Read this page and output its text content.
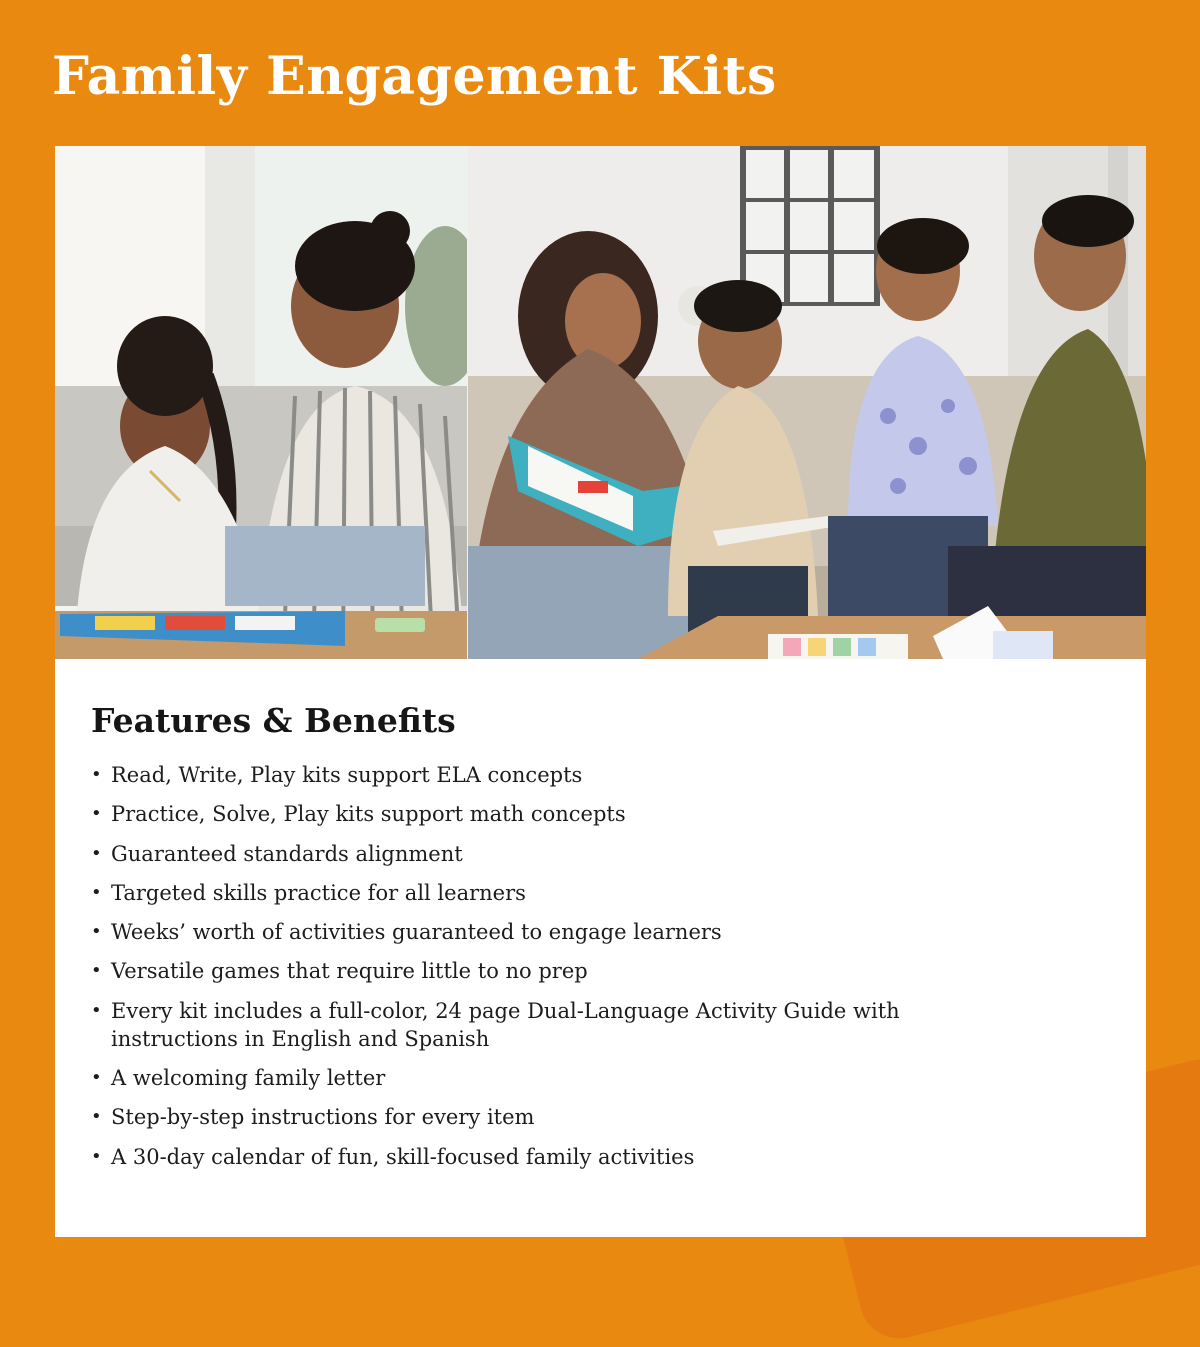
Family Engagement Kits
Features & Benefits
• Read, Write, Play kits support ELA concepts
• Practice, Solve, Play kits support math concepts
• Guaranteed standards alignment
• Targeted skills practice for all learners
• Weeks’ worth of activities guaranteed to engage learners
• Versatile games that require little to no prep
• Every kit includes a full-color, 24 page Dual-Language Activity Guide with instructions in English and Spanish
• A welcoming family letter
• Step-by-step instructions for every item
• A 30-day calendar of fun, skill-focused family activities
